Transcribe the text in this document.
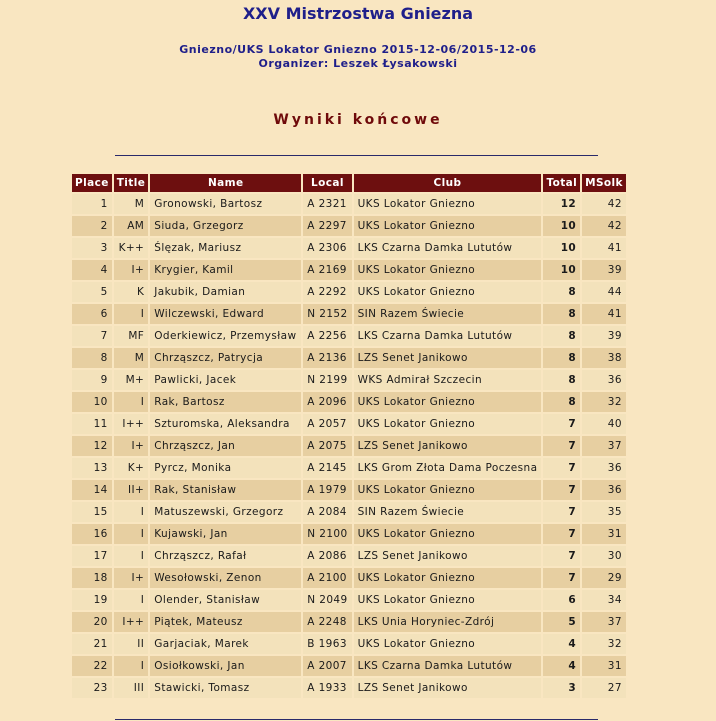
XXV Mistrzostwa Gniezna
Gniezno/UKS Lokator Gniezno 2015-12-06/2015-12-06
Organizer: Leszek Łysakowski
Wyniki końcowe
Place	Title	Name	Local	Club	Total	MSolk
1	M	Gronowski, Bartosz	A 2321	UKS Lokator Gniezno	12	42
2	AM	Siuda, Grzegorz	A 2297	UKS Lokator Gniezno	10	42
3	K++	Ślęzak, Mariusz	A 2306	LKS Czarna Damka Lututów	10	41
4	I+	Krygier, Kamil	A 2169	UKS Lokator Gniezno	10	39
5	K	Jakubik, Damian	A 2292	UKS Lokator Gniezno	8	44
6	I	Wilczewski, Edward	N 2152	SIN Razem Świecie	8	41
7	MF	Oderkiewicz, Przemysław	A 2256	LKS Czarna Damka Lututów	8	39
8	M	Chrząszcz, Patrycja	A 2136	LZS Senet Janikowo	8	38
9	M+	Pawlicki, Jacek	N 2199	WKS Admirał Szczecin	8	36
10	I	Rak, Bartosz	A 2096	UKS Lokator Gniezno	8	32
11	I++	Szturomska, Aleksandra	A 2057	UKS Lokator Gniezno	7	40
12	I+	Chrząszcz, Jan	A 2075	LZS Senet Janikowo	7	37
13	K+	Pyrcz, Monika	A 2145	LKS Grom Złota Dama Poczesna	7	36
14	II+	Rak, Stanisław	A 1979	UKS Lokator Gniezno	7	36
15	I	Matuszewski, Grzegorz	A 2084	SIN Razem Świecie	7	35
16	I	Kujawski, Jan	N 2100	UKS Lokator Gniezno	7	31
17	I	Chrząszcz, Rafał	A 2086	LZS Senet Janikowo	7	30
18	I+	Wesołowski, Zenon	A 2100	UKS Lokator Gniezno	7	29
19	I	Olender, Stanisław	N 2049	UKS Lokator Gniezno	6	34
20	I++	Piątek, Mateusz	A 2248	LKS Unia Horyniec-Zdrój	5	37
21	II	Garjaciak, Marek	B 1963	UKS Lokator Gniezno	4	32
22	I	Osiołkowski, Jan	A 2007	LKS Czarna Damka Lututów	4	31
23	III	Stawicki, Tomasz	A 1933	LZS Senet Janikowo	3	27
